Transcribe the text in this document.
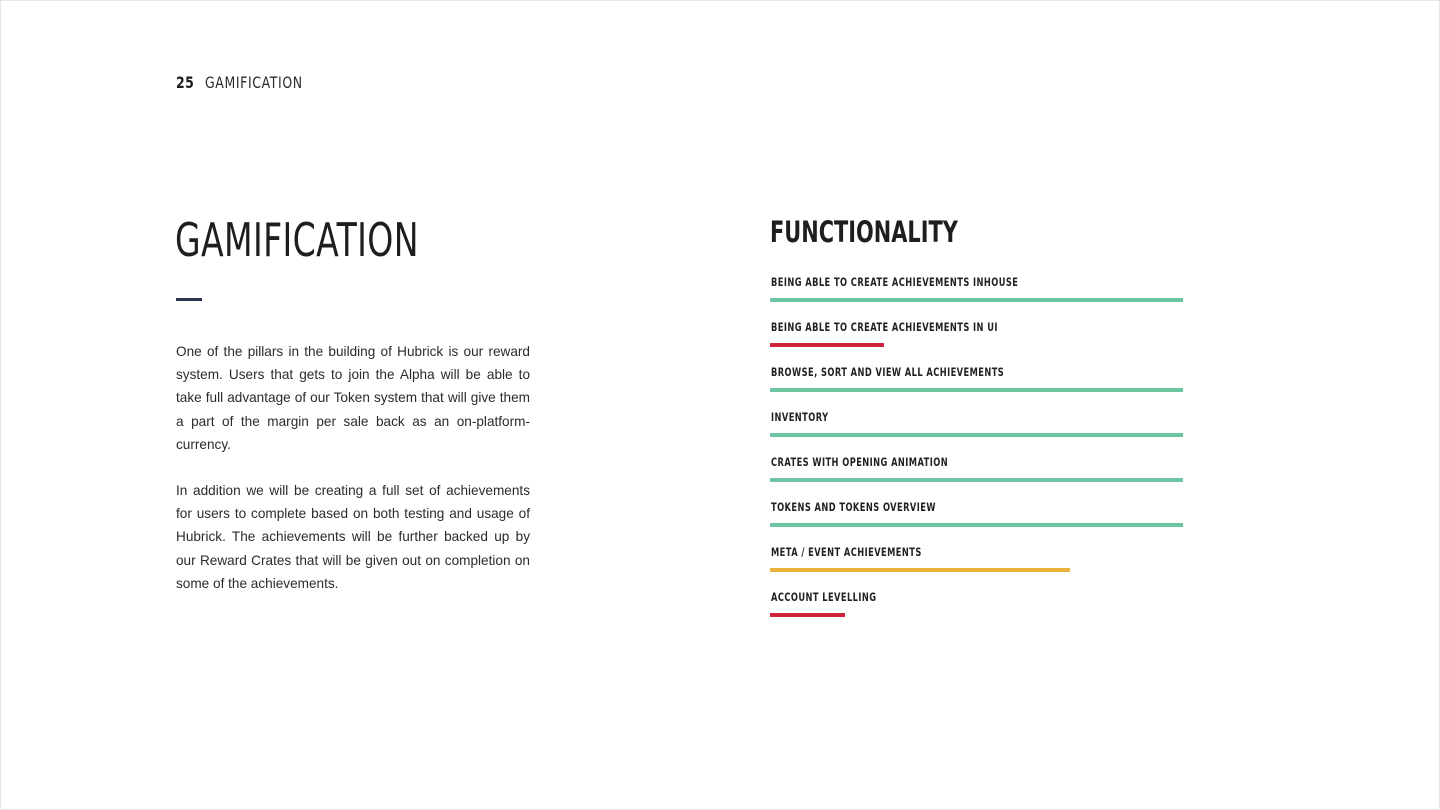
25 GAMIFICATION
GAMIFICATION

One of the pillars in the building of Hubrick is our reward system. Users that gets to join the Alpha will be able to take full advantage of our Token system that will give them a part of the margin per sale back as an on-platform-currency.

In addition we will be creating a full set of achievements for users to complete based on both testing and usage of Hubrick. The achievements will be further backed up by our Reward Crates that will be given out on completion on some of the achievements.

FUNCTIONALITY
BEING ABLE TO CREATE ACHIEVEMENTS INHOUSE
BEING ABLE TO CREATE ACHIEVEMENTS IN UI
BROWSE, SORT AND VIEW ALL ACHIEVEMENTS
INVENTORY
CRATES WITH OPENING ANIMATION
TOKENS AND TOKENS OVERVIEW
META / EVENT ACHIEVEMENTS
ACCOUNT LEVELLING
